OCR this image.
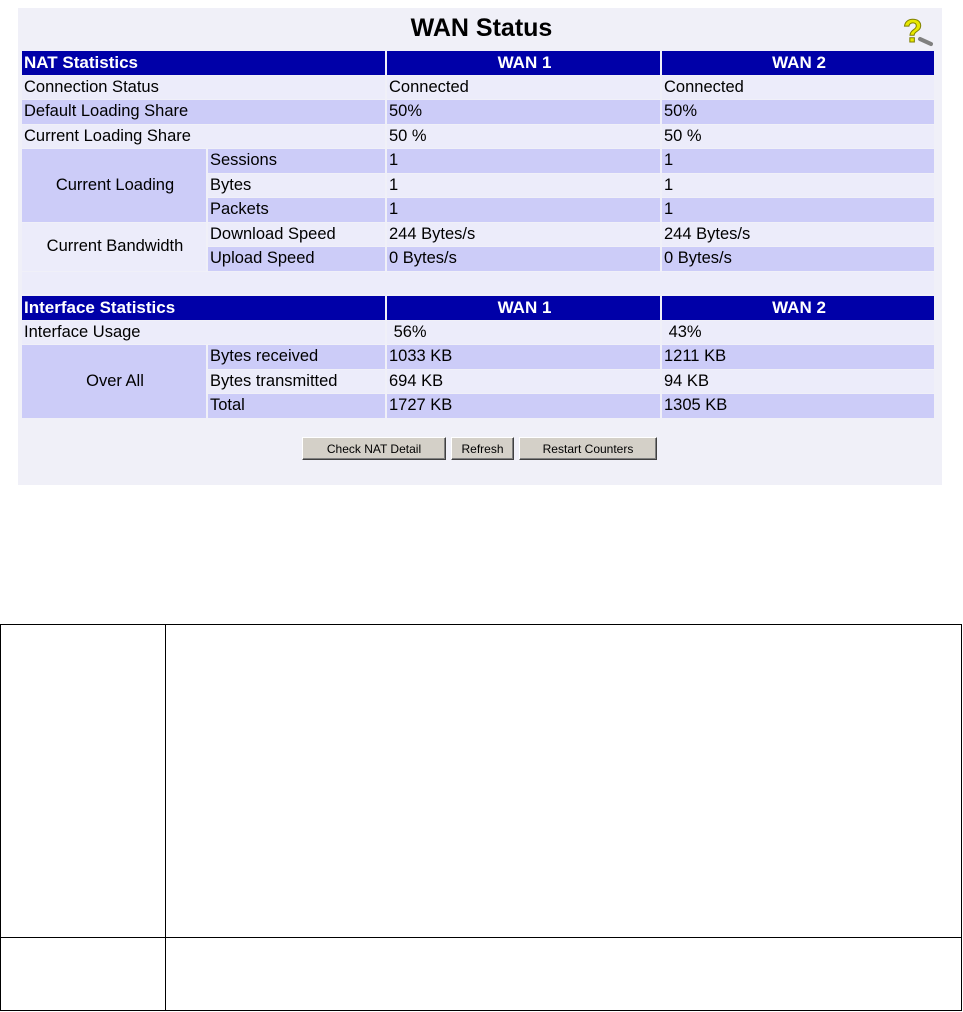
WAN Status	?
NAT Statistics		WAN 1	WAN 2
Connection Status		Connected	Connected
Default Loading Share		50%	50%
Current Loading Share		50 %	50 %
Current Loading	Sessions	1	1
	Bytes	1	1
	Packets	1	1
Current Bandwidth	Download Speed	244 Bytes/s	244 Bytes/s
	Upload Speed	0 Bytes/s	0 Bytes/s

Interface Statistics		WAN 1	WAN 2
Interface Usage		56%	43%
Over All	Bytes received	1033 KB	1211 KB
	Bytes transmitted	694 KB	94 KB
	Total	1727 KB	1305 KB
Check NAT Detail	Refresh	Restart Counters
